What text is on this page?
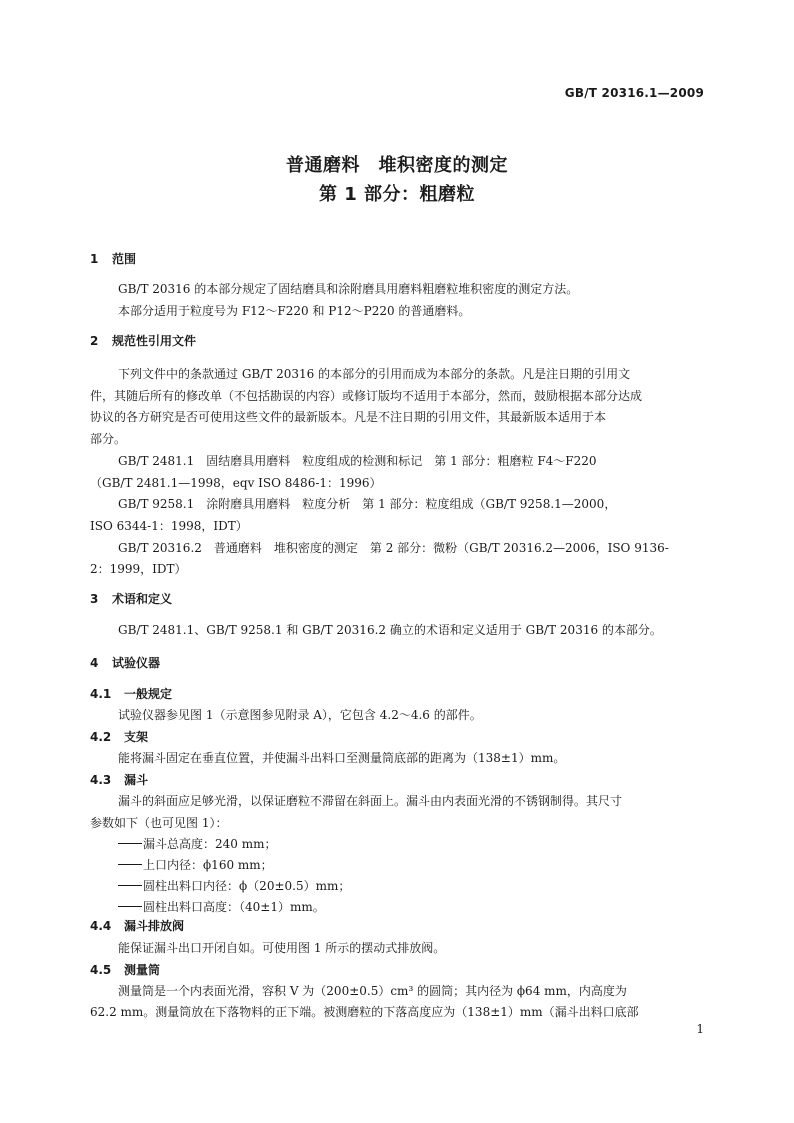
GB/T 20316.1—2009
普通磨料　堆积密度的测定
第 1 部分：粗磨粒
1 范围
GB/T 20316 的本部分规定了固结磨具和涂附磨具用磨料粗磨粒堆积密度的测定方法。
本部分适用于粒度号为 F12～F220 和 P12～P220 的普通磨料。
2 规范性引用文件
下列文件中的条款通过 GB/T 20316 的本部分的引用而成为本部分的条款。凡是注日期的引用文
件，其随后所有的修改单（不包括勘误的内容）或修订版均不适用于本部分，然而，鼓励根据本部分达成
协议的各方研究是否可使用这些文件的最新版本。凡是不注日期的引用文件，其最新版本适用于本
部分。
GB/T 2481.1　固结磨具用磨料　粒度组成的检测和标记　第 1 部分：粗磨粒 F4～F220
（GB/T 2481.1—1998，eqv ISO 8486-1：1996）
GB/T 9258.1　涂附磨具用磨料　粒度分析　第 1 部分：粒度组成（GB/T 9258.1—2000，
ISO 6344-1：1998，IDT）
GB/T 20316.2　普通磨料　堆积密度的测定　第 2 部分：微粉（GB/T 20316.2—2006，ISO 9136-
2：1999，IDT）
3 术语和定义
GB/T 2481.1、GB/T 9258.1 和 GB/T 20316.2 确立的术语和定义适用于 GB/T 20316 的本部分。
4 试验仪器
4.1 一般规定
试验仪器参见图 1（示意图参见附录 A），它包含 4.2～4.6 的部件。
4.2 支架
能将漏斗固定在垂直位置，并使漏斗出料口至测量筒底部的距离为（138±1）mm。
4.3 漏斗
漏斗的斜面应足够光滑，以保证磨粒不滞留在斜面上。漏斗由内表面光滑的不锈钢制得。其尺寸
参数如下（也可见图 1）：
漏斗总高度：240 mm；
上口内径：ϕ160 mm；
圆柱出料口内径：ϕ（20±0.5）mm；
圆柱出料口高度：（40±1）mm。
4.4 漏斗排放阀
能保证漏斗出口开闭自如。可使用图 1 所示的摆动式排放阀。
4.5 测量筒
测量筒是一个内表面光滑，容积 V 为（200±0.5）cm³ 的圆筒；其内径为 ϕ64 mm，内高度为
62.2 mm。测量筒放在下落物料的正下端。被测磨粒的下落高度应为（138±1）mm（漏斗出料口底部
1
